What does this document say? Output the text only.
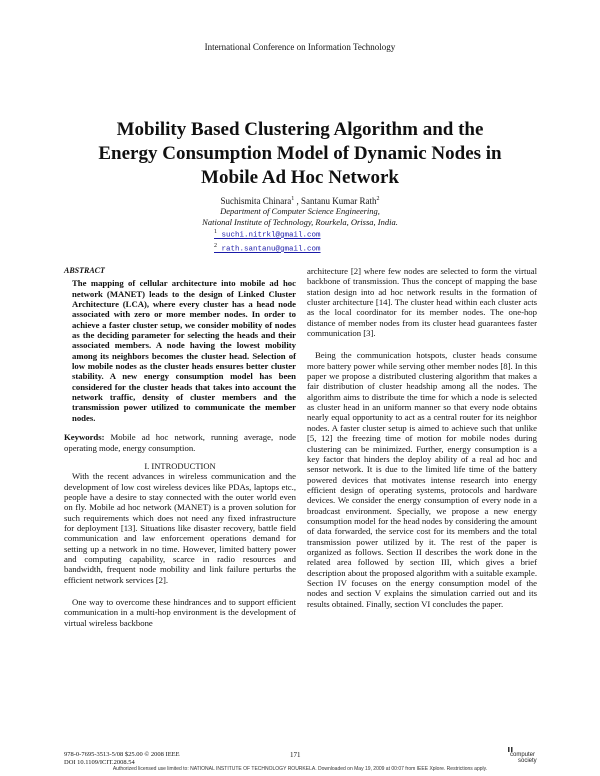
International Conference on Information Technology
Mobility Based Clustering Algorithm and the
Energy Consumption Model of Dynamic Nodes in
Mobile Ad Hoc Network
Suchismita Chinara$^1$ , Santanu Kumar Rath$^2$
Department of Computer Science Engineering,
National Institute of Technology, Rourkela, Orissa, India.
$^1$ suchi.nitrkl@gmail.com
$^2$ rath.santanu@gmail.com
ABSTRACT

The mapping of cellular architecture into mobile ad hoc network (MANET) leads to the design of Linked Cluster Architecture (LCA), where every cluster has a head node associated with zero or more member nodes. In order to achieve a faster cluster setup, we consider mobility of nodes as the deciding parameter for selecting the heads and their associated members. A node having the lowest mobility among its neighbors becomes the cluster head. Selection of low mobile nodes as the cluster heads ensures better cluster stability. A new energy consumption model has been considered for the cluster heads that takes into account the network traffic, density of cluster members and the transmission power utilized to communicate the member nodes.

Keywords: Mobile ad hoc network, running average, node operating mode, energy consumption.

I. INTRODUCTION

With the recent advances in wireless communication and the development of low cost wireless devices like PDAs, laptops etc., people have a desire to stay connected with the outer world even on fly. Mobile ad hoc network (MANET) is a proven solution for such requirements which does not need any fixed infrastructure for deployment [13]. Situations like disaster recovery, battle field communication and law enforcement operations demand for setting up a network in no time. However, limited battery power and computing capability, scarce in radio resources and bandwidth, frequent node mobility and link failure perturbs the efficient network services [2].

One way to overcome these hindrances and to support efficient communication in a multi-hop environment is the development of virtual wireless backbone

architecture [2] where few nodes are selected to form the virtual backbone of transmission. Thus the concept of mapping the base station design into ad hoc network results in the formation of cluster architecture [14]. The cluster head within each cluster acts as the local coordinator for its member nodes. The one-hop distance of member nodes from its cluster head guarantees faster communication [3].

Being the communication hotspots, cluster heads consume more battery power while serving other member nodes [8]. In this paper we propose a distributed clustering algorithm that makes a fair distribution of cluster headship among all the nodes. The algorithm aims to distribute the time for which a node is selected as cluster head in an uniform manner so that every node obtains nearly equal opportunity to act as a central router for its neighbor nodes. A faster cluster setup is aimed to achieve such that unlike [5, 12] the freezing time of motion for mobile nodes during clustering can be minimized. Further, energy consumption is a key factor that hinders the deploy ability of a real ad hoc and sensor network. It is due to the limited life time of the battery powered devices that motivates intense research into energy efficient design of operating systems, protocols and hardware devices. We consider the energy consumption of every node in a broadcast environment. Specially, we propose a new energy consumption model for the head nodes by considering the amount of data forwarded, the service cost for its members and the total transmission power utilized by it. The rest of the paper is organized as follows. Section II describes the work done in the related area followed by section III, which gives a brief description about the proposed algorithm with a suitable example. Section IV focuses on the energy consumption model of the nodes and section V explains the simulation carried out and its results obtained. Finally, section VI concludes the paper.

978-0-7695-3513-5/08 $25.00 © 2008 IEEE
DOI 10.1109/ICIT.2008.54
171	computer
society
Authorized licensed use limited to: NATIONAL INSTITUTE OF TECHNOLOGY ROURKELA. Downloaded on May 19, 2009 at 00:07 from IEEE Xplore. Restrictions apply.
